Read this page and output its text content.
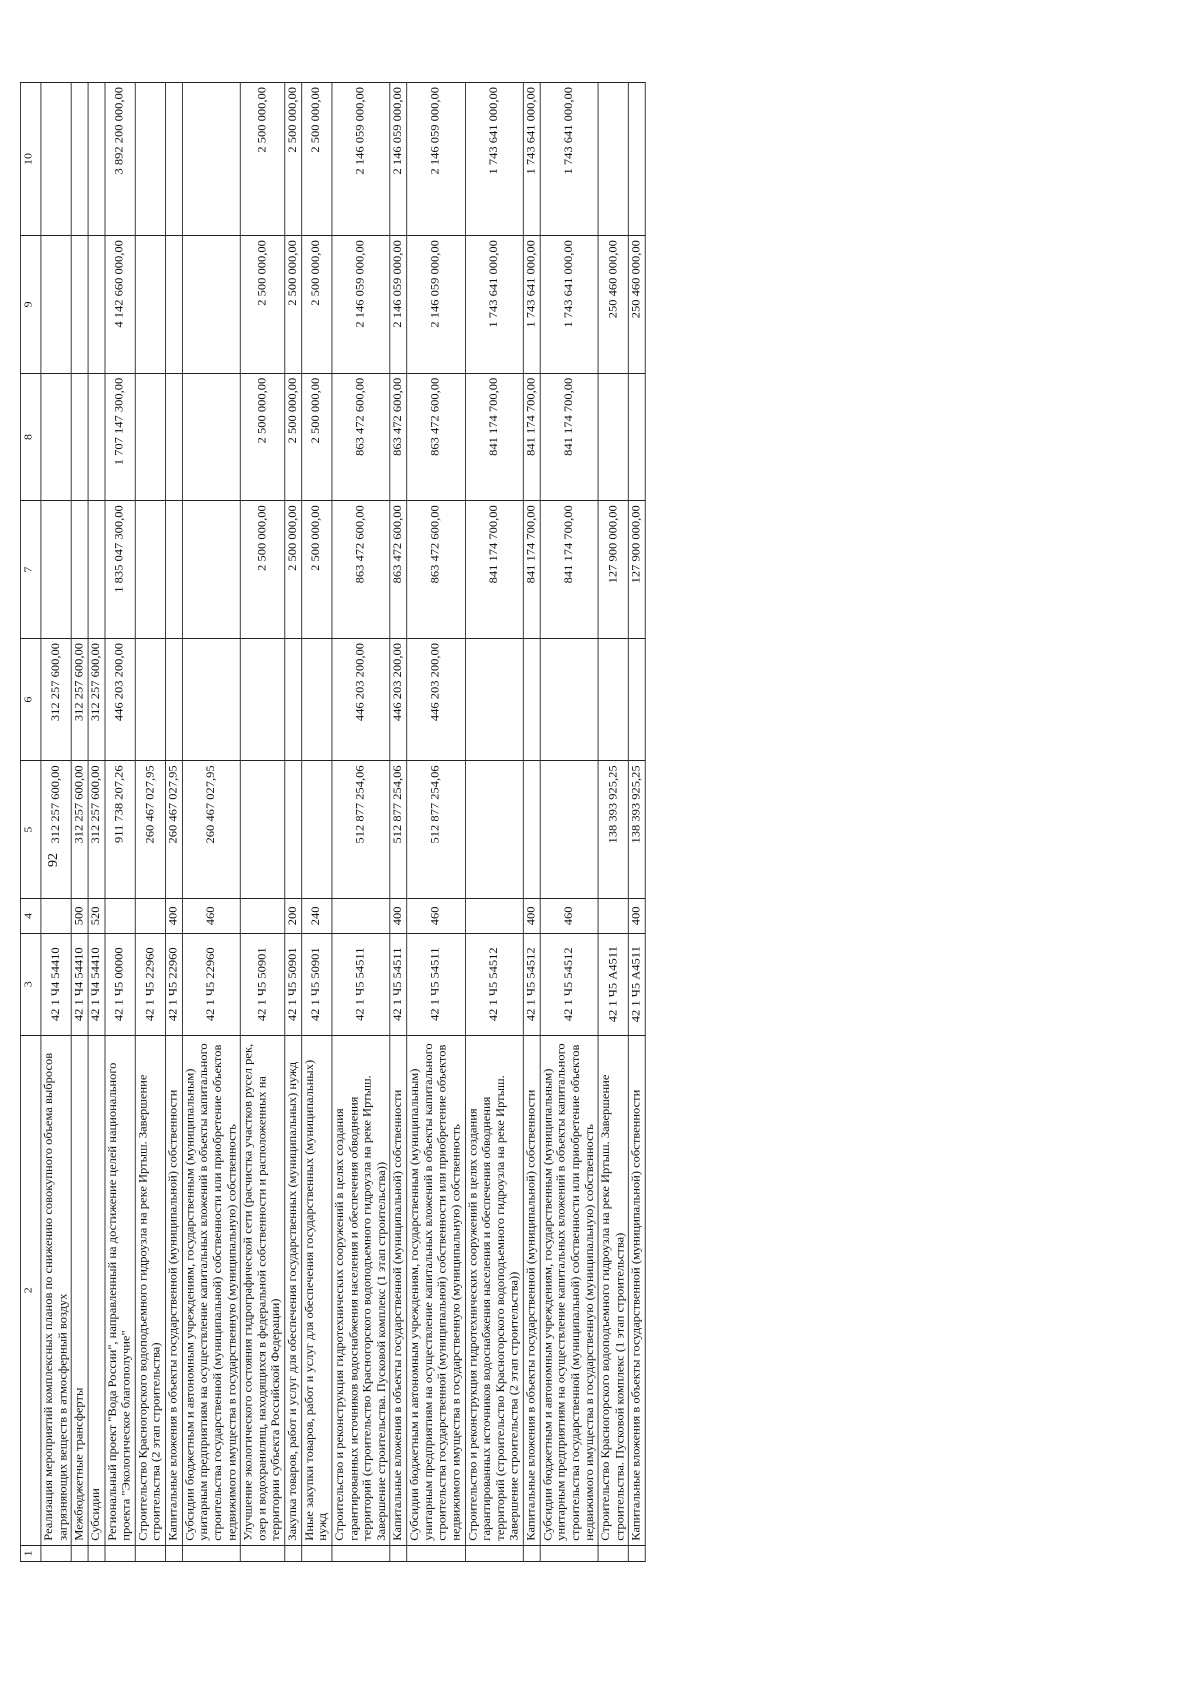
92
1	2	3	4	5	6	7	8	9	10
	Реализация мероприятий комплексных планов по снижению совокупного объема выбросов загрязняющих веществ в атмосферный воздух	42 1 Ч4 54410		312 257 600,00	312 257 600,00				
	Межбюджетные трансферты	42 1 Ч4 54410	500	312 257 600,00	312 257 600,00				
	Субсидии	42 1 Ч4 54410	520	312 257 600,00	312 257 600,00				
	Региональный проект "Вода России", направленный на достижение целей национального проекта "Экологическое благополучие"	42 1 Ч5 00000		911 738 207,26	446 203 200,00	1 835 047 300,00	1 707 147 300,00	4 142 660 000,00	3 892 200 000,00
	Строительство Красногорского водоподъемного гидроузла на реке Иртыш. Завершение строительства (2 этап строительства)	42 1 Ч5 22960		260 467 027,95					
	Капитальные вложения в объекты государственной (муниципальной) собственности	42 1 Ч5 22960	400	260 467 027,95					
	Субсидии бюджетным и автономным учреждениям, государственным (муниципальным) унитарным предприятиям на осуществление капитальных вложений в объекты капитального строительства государственной (муниципальной) собственности или приобретение объектов недвижимого имущества в государственную (муниципальную) собственность	42 1 Ч5 22960	460	260 467 027,95					
	Улучшение экологического состояния гидрографической сети (расчистка участков русел рек, озер и водохранилищ, находящихся в федеральной собственности и расположенных на территории субъекта Российской Федерации)	42 1 Ч5 50901				2 500 000,00	2 500 000,00	2 500 000,00	2 500 000,00
	Закупка товаров, работ и услуг для обеспечения государственных (муниципальных) нужд	42 1 Ч5 50901	200			2 500 000,00	2 500 000,00	2 500 000,00	2 500 000,00
	Иные закупки товаров, работ и услуг для обеспечения государственных (муниципальных) нужд	42 1 Ч5 50901	240			2 500 000,00	2 500 000,00	2 500 000,00	2 500 000,00
	Строительство и реконструкция гидротехнических сооружений в целях создания гарантированных источников водоснабжения населения и обеспечения обводнения территорий (строительство Красногорского водоподъемного гидроузла на реке Иртыш. Завершение строительства. Пусковой комплекс (1 этап строительства))	42 1 Ч5 54511		512 877 254,06	446 203 200,00	863 472 600,00	863 472 600,00	2 146 059 000,00	2 146 059 000,00
	Капитальные вложения в объекты государственной (муниципальной) собственности	42 1 Ч5 54511	400	512 877 254,06	446 203 200,00	863 472 600,00	863 472 600,00	2 146 059 000,00	2 146 059 000,00
	Субсидии бюджетным и автономным учреждениям, государственным (муниципальным) унитарным предприятиям на осуществление капитальных вложений в объекты капитального строительства государственной (муниципальной) собственности или приобретение объектов недвижимого имущества в государственную (муниципальную) собственность	42 1 Ч5 54511	460	512 877 254,06	446 203 200,00	863 472 600,00	863 472 600,00	2 146 059 000,00	2 146 059 000,00
	Строительство и реконструкция гидротехнических сооружений в целях создания гарантированных источников водоснабжения населения и обеспечения обводнения территорий (строительство Красногорского водоподъемного гидроузла на реке Иртыш. Завершение строительства (2 этап строительства))	42 1 Ч5 54512				841 174 700,00	841 174 700,00	1 743 641 000,00	1 743 641 000,00
	Капитальные вложения в объекты государственной (муниципальной) собственности	42 1 Ч5 54512	400			841 174 700,00	841 174 700,00	1 743 641 000,00	1 743 641 000,00
	Субсидии бюджетным и автономным учреждениям, государственным (муниципальным) унитарным предприятиям на осуществление капитальных вложений в объекты капитального строительства государственной (муниципальной) собственности или приобретение объектов недвижимого имущества в государственную (муниципальную) собственность	42 1 Ч5 54512	460			841 174 700,00	841 174 700,00	1 743 641 000,00	1 743 641 000,00
	Строительство Красногорского водоподъемного гидроузла на реке Иртыш. Завершение строительства. Пусковой комплекс (1 этап строительства)	42 1 Ч5 А4511		138 393 925,25		127 900 000,00		250 460 000,00	
	Капитальные вложения в объекты государственной (муниципальной) собственности	42 1 Ч5 А4511	400	138 393 925,25		127 900 000,00		250 460 000,00	
